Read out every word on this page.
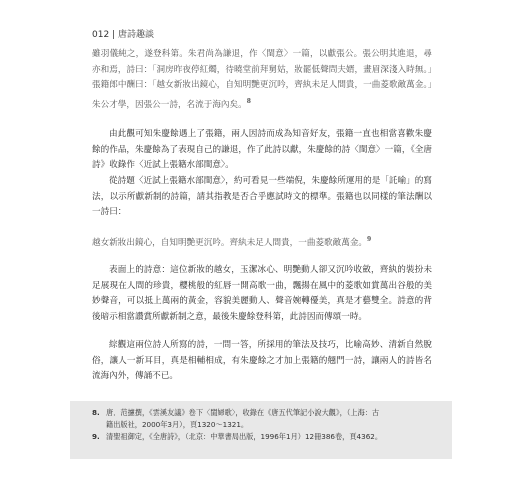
012 | 唐詩趣談

雖羽儀純之，遂登科第。朱君尚為謙退，作〈閨意〉一篇，以獻張公。張公明其進退，尋亦和焉，詩曰：「洞房昨夜停紅燭，待曉堂前拜舅姑，妝罷低聲問夫婿，畫眉深淺入時無。」張籍郎中酬曰：「越女新妝出鏡心，自知明艷更沉吟，齊紈未足人間貴，一曲菱歌敵萬金。」朱公才學，因張公一詩，名流于海內矣。$^8$

由此觀可知朱慶餘遇上了張籍，兩人因詩而成為知音好友，張籍一直也相當喜歡朱慶餘的作品，朱慶餘為了表現自己的謙退，作了此詩以獻，朱慶餘的詩〈閨意〉一篇，《全唐詩》收錄作〈近試上張籍水部閨意〉。

從詩題〈近試上張籍水部閨意〉，約可看見一些端倪，朱慶餘所運用的是「託喻」的寫法，以示所獻新制的詩篇，請其指教是否合乎應試時文的標準。張籍也以同樣的筆法酬以一詩曰：

越女新妝出鏡心，自知明艷更沉吟。齊紈未足人間貴，一曲菱歌敵萬金。$^9$

表面上的詩意：這位新妝的越女，玉潔冰心、明艷動人卻又沉吟收斂，齊紈的裝扮未足展現在人間的珍貴，櫻桃般的紅唇一開高歌一曲，飄揚在風中的菱歌如賞萬出谷般的美妙聲音，可以抵上萬兩的黃金，容貌美麗動人、聲音婉轉優美，真是才藝雙全。詩意的背後暗示相當讚賞所獻新制之意，最後朱慶餘登科第，此詩因而傳頌一時。

綜觀這兩位詩人所寫的詩，一問一答，所採用的筆法及技巧，比喻高妙、清新自然脫俗，讓人一新耳目，真是相輔相成，有朱慶餘之才加上張籍的翹門一詩，讓兩人的詩皆名流海內外，傳誦不已。

8. 唐．范攄撰，《雲溪友議》卷下〈閨婦歌〉，收錄在《唐五代筆記小說大觀》，（上海：古
籍出版社，2000年3月），頁1320～1321。
9. 清聖祖御定，《全唐詩》，（北京：中華書局出版，1996年1月）12冊386卷，頁4362。
